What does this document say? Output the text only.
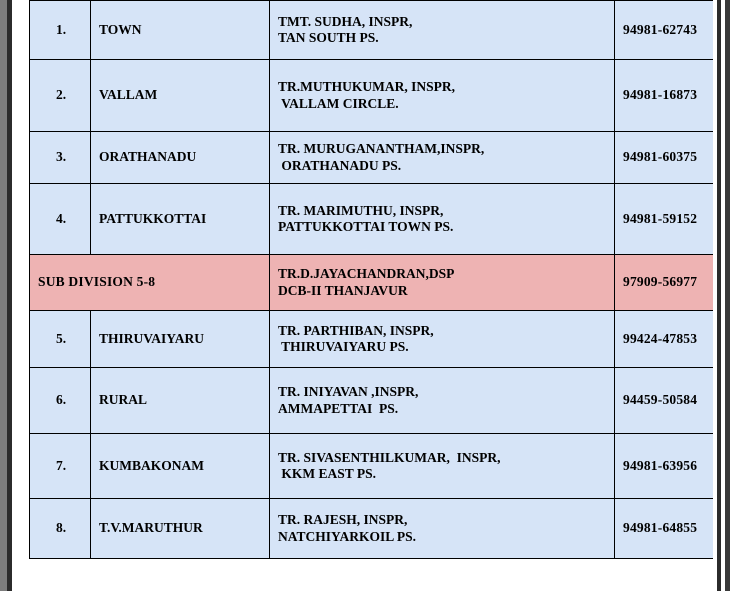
1.	TOWN	TMT. SUDHA, INSPR,
TAN SOUTH PS.	94981-62743
2.	VALLAM	TR.MUTHUKUMAR, INSPR,
VALLAM CIRCLE.	94981-16873
3.	ORATHANADU	TR. MURUGANANTHAM,INSPR,
ORATHANADU PS.	94981-60375
4.	PATTUKKOTTAI	TR. MARIMUTHU, INSPR,
PATTUKKOTTAI TOWN PS.	94981-59152
SUB DIVISION 5-8		TR.D.JAYACHANDRAN,DSP
DCB-II THANJAVUR	97909-56977
5.	THIRUVAIYARU	TR. PARTHIBAN, INSPR,
THIRUVAIYARU PS.	99424-47853
6.	RURAL	TR. INIYAVAN ,INSPR,
AMMAPETTAI  PS.	94459-50584
7.	KUMBAKONAM	TR. SIVASENTHILKUMAR,  INSPR,
KKM EAST PS.	94981-63956
8.	T.V.MARUTHUR	TR. RAJESH, INSPR,
NATCHIYARKOIL PS.	94981-64855
